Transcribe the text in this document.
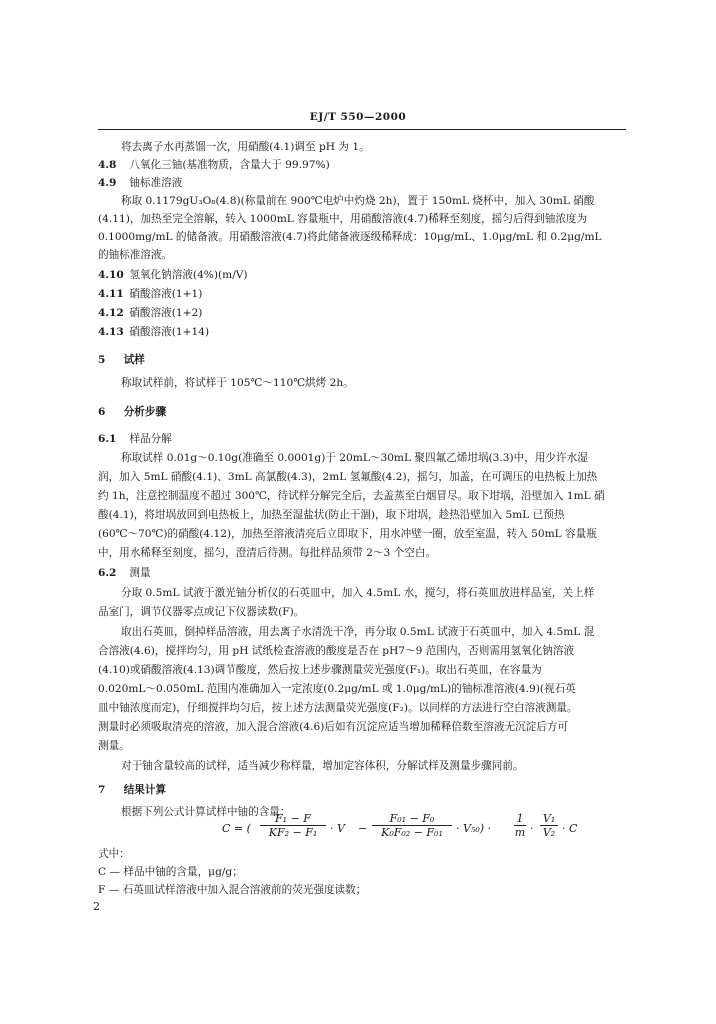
EJ/T 550—2000
将去离子水再蒸馏一次，用硝酸(4.1)调至 pH 为 1。
4.8 八氧化三铀(基准物质，含量大于 99.97%)
4.9 铀标准溶液
称取 0.1179gU₃O₈(4.8)(称量前在 900℃电炉中灼烧 2h)，置于 150mL 烧杯中，加入 30mL 硝酸
(4.11)，加热至完全溶解，转入 1000mL 容量瓶中，用硝酸溶液(4.7)稀释至刻度，摇匀后得到铀浓度为
0.1000mg/mL 的储备液。用硝酸溶液(4.7)将此储备液逐级稀释成：10μg/mL、1.0μg/mL 和 0.2μg/mL
的铀标准溶液。
4.10 氢氧化钠溶液(4%)(m/V)
4.11 硝酸溶液(1+1)
4.12 硝酸溶液(1+2)
4.13 硝酸溶液(1+14)
5 试样
称取试样前，将试样于 105℃～110℃烘烤 2h。
6 分析步骤
6.1 样品分解
称取试样 0.01g～0.10g(准确至 0.0001g)于 20mL～30mL 聚四氟乙烯坩埚(3.3)中，用少许水湿
润，加入 5mL 硝酸(4.1)、3mL 高氯酸(4.3)，2mL 氢氟酸(4.2)，摇匀，加盖，在可调压的电热板上加热
约 1h，注意控制温度不超过 300℃，待试样分解完全后，去盖蒸至白烟冒尽。取下坩埚，沿壁加入 1mL 硝
酸(4.1)，将坩埚放回到电热板上，加热至湿盐状(防止干涸)，取下坩埚，趁热沿壁加入 5mL 已预热
(60℃～70℃)的硝酸(4.12)，加热至溶液清亮后立即取下，用水冲壁一圈，放至室温，转入 50mL 容量瓶
中，用水稀释至刻度，摇匀，澄清后待测。每批样品须带 2～3 个空白。
6.2 测量
分取 0.5mL 试液于激光铀分析仪的石英皿中，加入 4.5mL 水，搅匀，将石英皿放进样品室，关上样
品室门，调节仪器零点或记下仪器读数(F)。
取出石英皿，倒掉样品溶液，用去离子水清洗干净，再分取 0.5mL 试液于石英皿中，加入 4.5mL 混
合溶液(4.6)，搅拌均匀，用 pH 试纸检查溶液的酸度是否在 pH7～9 范围内，否则需用氢氧化钠溶液
(4.10)或硝酸溶液(4.13)调节酸度，然后按上述步骤测量荧光强度(F₁)。取出石英皿，在容量为
0.020mL～0.050mL 范围内准确加入一定浓度(0.2μg/mL 或 1.0μg/mL)的铀标准溶液(4.9)(视石英
皿中铀浓度而定)，仔细搅拌均匀后，按上述方法测量荧光强度(F₂)。以同样的方法进行空白溶液测量。
测量时必须吸取清亮的溶液，加入混合溶液(4.6)后如有沉淀应适当增加稀释倍数至溶液无沉淀后方可
测量。
对于铀含量较高的试样，适当减少称样量，增加定容体积，分解试样及测量步骤同前。
7 结果计算
根据下列公式计算试样中铀的含量：
C = ( $\frac{\text{F₁ − F}}{\text{KF₂ − F₁}} \cdot V - \frac{\text{F₀₁ − F₀}}{\text{K₀F₀₂ − F₀₁}} \cdot V_{50}) \cdot \frac{1}{m} \cdot \frac{\text{V₁}}{\text{V₂}} \cdot C$
式中：
C — 样品中铀的含量，μg/g；
F — 石英皿试样溶液中加入混合溶液前的荧光强度读数；
2
